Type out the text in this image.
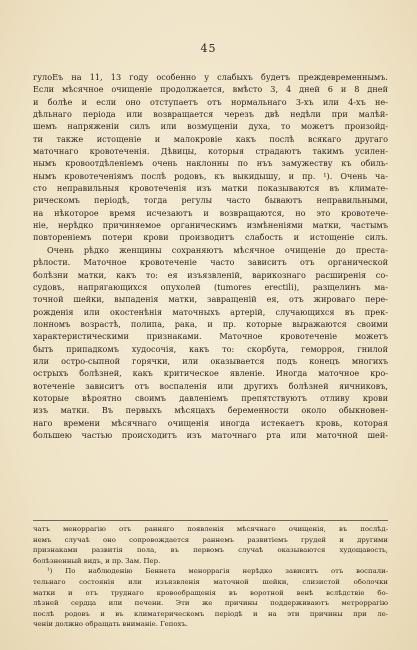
45
гулоЕъ на 11, 13 году особенно у слабыхъ будетъ преждевременнымъ.
Если мѣсячное очищеніе продолжается, вмѣсто 3, 4 дней 6 и 8 дней
и болѣе и если оно отступаетъ отъ нормальнаго 3-хъ или 4-хъ не-
дѣльнаго періода или возвращается черезъ двѣ недѣли при малѣй-
шемъ напряженіи силъ или возмущеніи духа, то можетъ произойд-
ти также истощеніе и малокровіе какъ послѣ всякаго другаго
маточнаго кровотеченія. Дѣвицы, которыя страдаютъ такимъ усилен-
нымъ кровоотдѣленіемъ очень наклонны по нъъ замужеству къ обиль-
нымъ кровотеченіямъ послѣ родовъ, къ выкидышу, и пр. ¹). Очень ча-
сто неправильныя кровотеченія изъ матки показываются въ климате-
рическомъ періодѣ, тогда регулы часто бываютъ неправильными,
на нѣкоторое время исчезаютъ и возвращаются, но это кровотече-
ніе, нерѣдко причиняемое органическимъ измѣненіями матки, частымъ
повтореніемъ потери крови производитъ слабость и истощеніе силъ.
Очень рѣдко женщины сохраняютъ мѣсячное очищеніе до преста-
рѣлости. Маточное кровотеченіе часто зависитъ отъ органической
болѣзни матки, какъ то: ея изъязвленій, варикознаго расширенія со-
судовъ, напрягающихся опухолей (tumores erectili), разщелинъ ма-
точной шейки, выпаденія матки, завращеній ея, отъ жироваго пере-
рожденія или окостенѣнія маточныхъ артерій, случающихся въ прек-
лонномъ возрастѣ, полипа, рака, и пр. которые выражаются своими
характеристическими признаками. Маточное кровотеченіе можетъ
быть припадкомъ худосочія, какъ то: скорбута, геморроя, гнилой
или остро-сыпной горячки, или оказывается подъ конецъ многихъ
острыхъ болѣзней, какъ критическое явленіе. Иногда маточное кро-
вотеченіе зависитъ отъ воспаленія или другихъ болѣзней яичниковъ,
которые вѣроятно своимъ давленіемъ препятствуютъ отливу крови
изъ матки. Въ первыхъ мѣсяцахъ беременности около обыкновен-
наго времени мѣсячнаго очищенія иногда истекаетъ кровь, которая
большею частью происходитъ изъ маточнаго рта или маточной шей-
чатъ меноррагію отъ ранняго появленія мѣсячнаго очищенія, въ послѣд-
немъ случаѣ оно сопровождается раннемъ развитіемъ грудей и другими
признаками развитія пола, въ первомъ случаѣ оказываются худощавость,
болѣзненный видъ, и пр. Зам. Пер.
¹) По наблюденію Беннета меноррагія нерѣдко зависитъ отъ воспали-
тельнаго состоянія или изъязвленія маточной шейки, слизистой оболочки
матки и отъ труднаго кровообращенія въ воротной венѣ вслѣдствіе бо-
лѣзней сердца или печени. Эти же причины поддерживаютъ метроррагію
послѣ родовъ и въ климатерическомъ періодѣ и на эти причины при ле-
ченіи должно обращать вниманіе. Гепохъ.
